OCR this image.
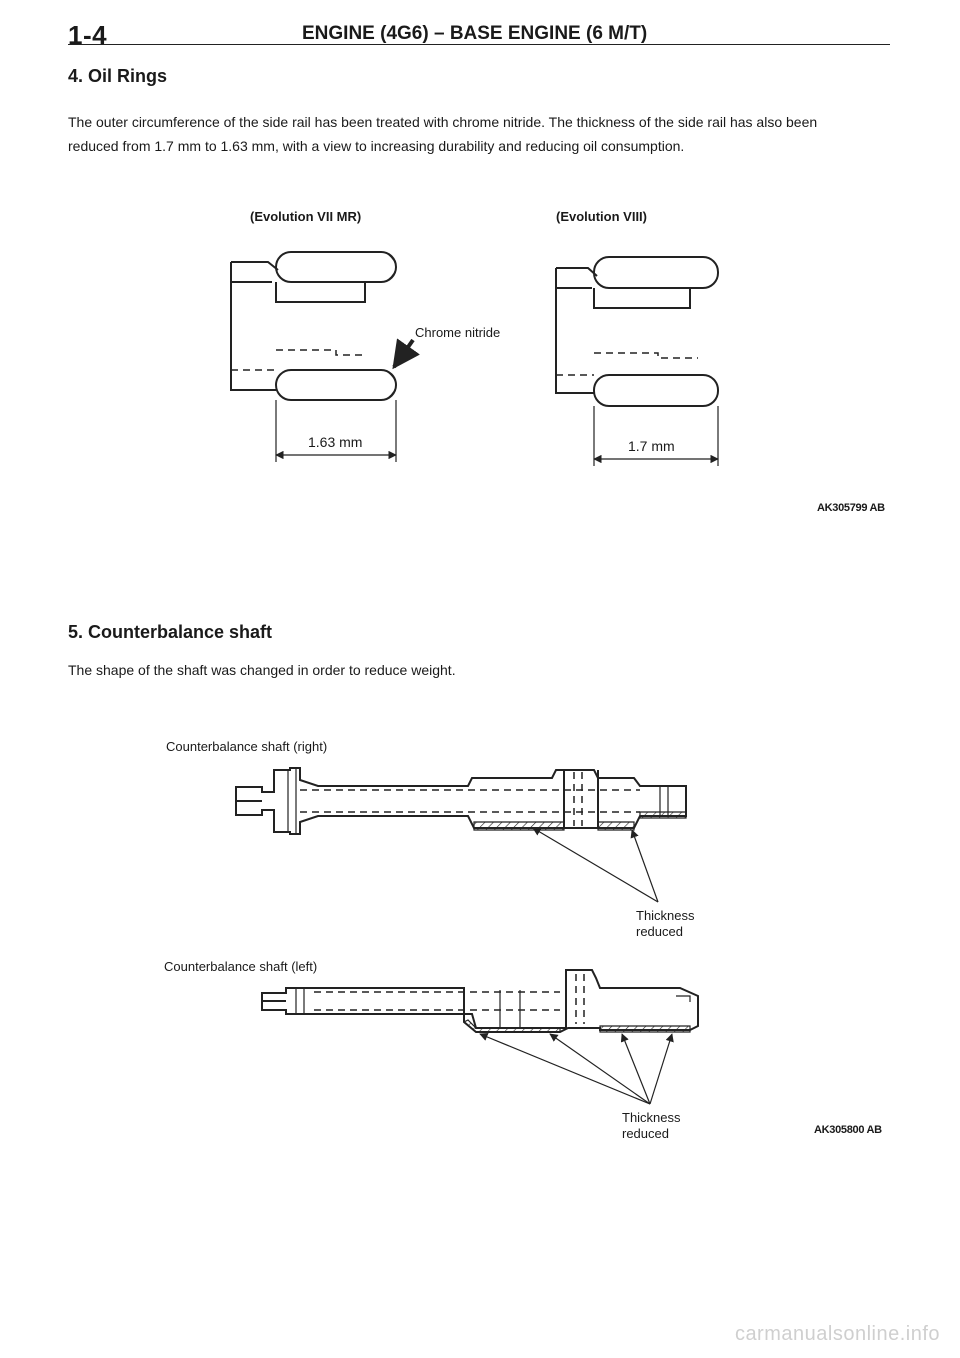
1-4	ENGINE (4G6) – BASE ENGINE (6 M/T)
4. Oil Rings

The outer circumference of the side rail has been treated with chrome nitride. The thickness of the side rail has also been reduced from 1.7 mm to 1.63 mm, with a view to increasing durability and reducing oil consumption.

(Evolution VII MR)	(Evolution VIII)
Chrome nitride
1.63 mm	1.7 mm
AK305799 AB
5. Counterbalance shaft

The shape of the shaft was changed in order to reduce weight.

Counterbalance shaft (right)
Thickness
reduced
Counterbalance shaft (left)
Thickness
reduced	AK305800 AB
carmanualsonline.info
